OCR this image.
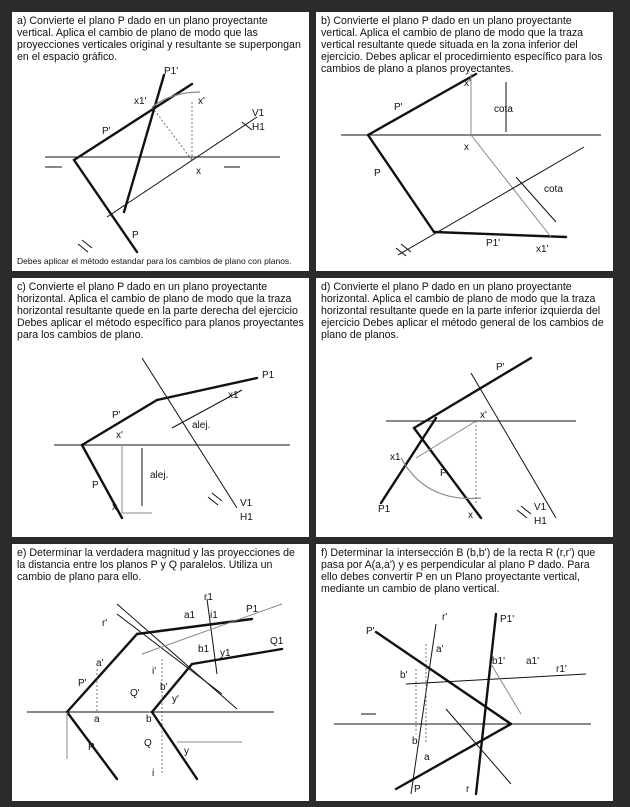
a) Convierte el plano P dado en un plano proyectante vertical. Aplica el cambio de plano de modo que las proyecciones verticales original y resultante se superpongan en el espacio gráfico.
P1'
x1'	x'
P'
V1
H1
x
P
Debes aplicar el método estandar para los cambios de plano con planos.
b) Convierte el plano P dado en un plano proyectante vertical. Aplica el cambio de plano de modo que la traza vertical resultante quede situada en la zona inferior del ejercicio. Debes aplicar el procedimiento específico para los cambios de plano a planos proyectantes.
x'
cota
P'
x
P
cota
P1'
x1'
c) Convierte el plano P dado en un plano proyectante horizontal. Aplica el cambio de plano de modo que la traza horizontal resultante quede en la parte derecha del ejercicio Debes aplicar el método específico para planos proyectantes para los cambios de plano.
P1
x1
P'
alej.
x'
alej.
P
x	V1
H1
d) Convierte el plano P dado en un plano proyectante horizontal. Aplica el cambio de plano de modo que la traza horizontal resultante quede en la parte inferior izquierda del ejercicio Debes aplicar el método general de los cambios de plano de planos.
P'
x'
x1
P
P1
x
V1
H1
e) Determinar la verdadera magnitud y las proyecciones de la distancia entre los planos P y Q paralelos. Utiliza un cambio de plano para ello.
r1
P1
a1 i1
r'
Q1
b1 y1
a'
i'
b'
P'
Q'
y'
a	b
P	Q
y
i
f) Determinar la intersección B (b,b') de la recta R (r,r') que pasa por A(a,a') y es perpendicular al plano P dado. Para ello debes convertir P en un Plano proyectante vertical, mediante un cambio de plano vertical.
r'	P1'
P'
a'
a1'
b1'
r1'
b'
b
a
P	r
